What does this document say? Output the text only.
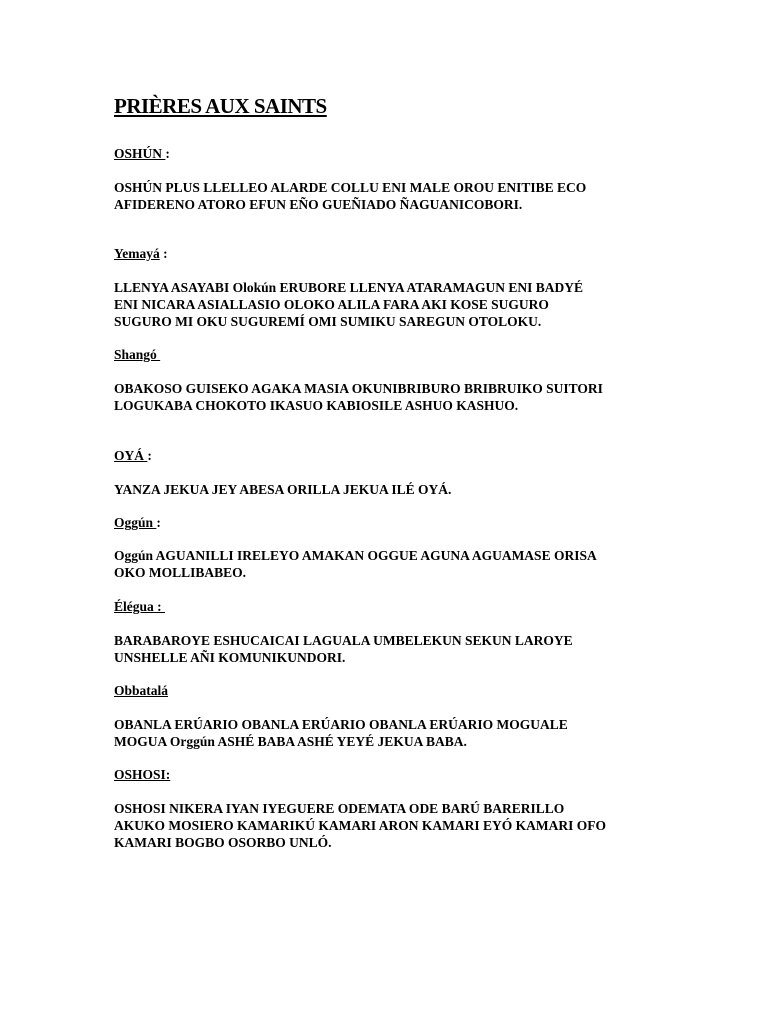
PRIÈRES AUX SAINTS
OSHÚN :
OSHÚN PLUS LLELLEO ALARDE COLLU ENI MALE OROU ENITIBE ECO
AFIDERENO ATORO EFUN EÑO GUEÑIADO ÑAGUANICOBORI.
Yemayá :
LLENYA ASAYABI Olokún ERUBORE LLENYA ATARAMAGUN ENI BADYÉ
ENI NICARA ASIALLASIO OLOKO ALILA FARA AKI KOSE SUGURO
SUGURO MI OKU SUGUREMÍ OMI SUMIKU SAREGUN OTOLOKU.
Shangó
OBAKOSO GUISEKO AGAKA MASIA OKUNIBRIBURO BRIBRUIKO SUITORI
LOGUKABA CHOKOTO IKASUO KABIOSILE ASHUO KASHUO.
OYÁ :
YANZA JEKUA JEY ABESA ORILLA JEKUA ILÉ OYÁ.
Oggún :
Oggún AGUANILLI IRELEYO AMAKAN OGGUE AGUNA AGUAMASE ORISA
OKO MOLLIBABEO.
Élégua :
BARABAROYE ESHUCAICAI LAGUALA UMBELEKUN SEKUN LAROYE
UNSHELLE AÑI KOMUNIKUNDORI.
Obbatalá
OBANLA ERÚARIO OBANLA ERÚARIO OBANLA ERÚARIO MOGUALE
MOGUA Orggún ASHÉ BABA ASHÉ YEYÉ JEKUA BABA.
OSHOSI:
OSHOSI NIKERA IYAN IYEGUERE ODEMATA ODE BARÚ BARERILLO
AKUKO MOSIERO KAMARIKÚ KAMARI ARON KAMARI EYÓ KAMARI OFO
KAMARI BOGBO OSORBO UNLÓ.
